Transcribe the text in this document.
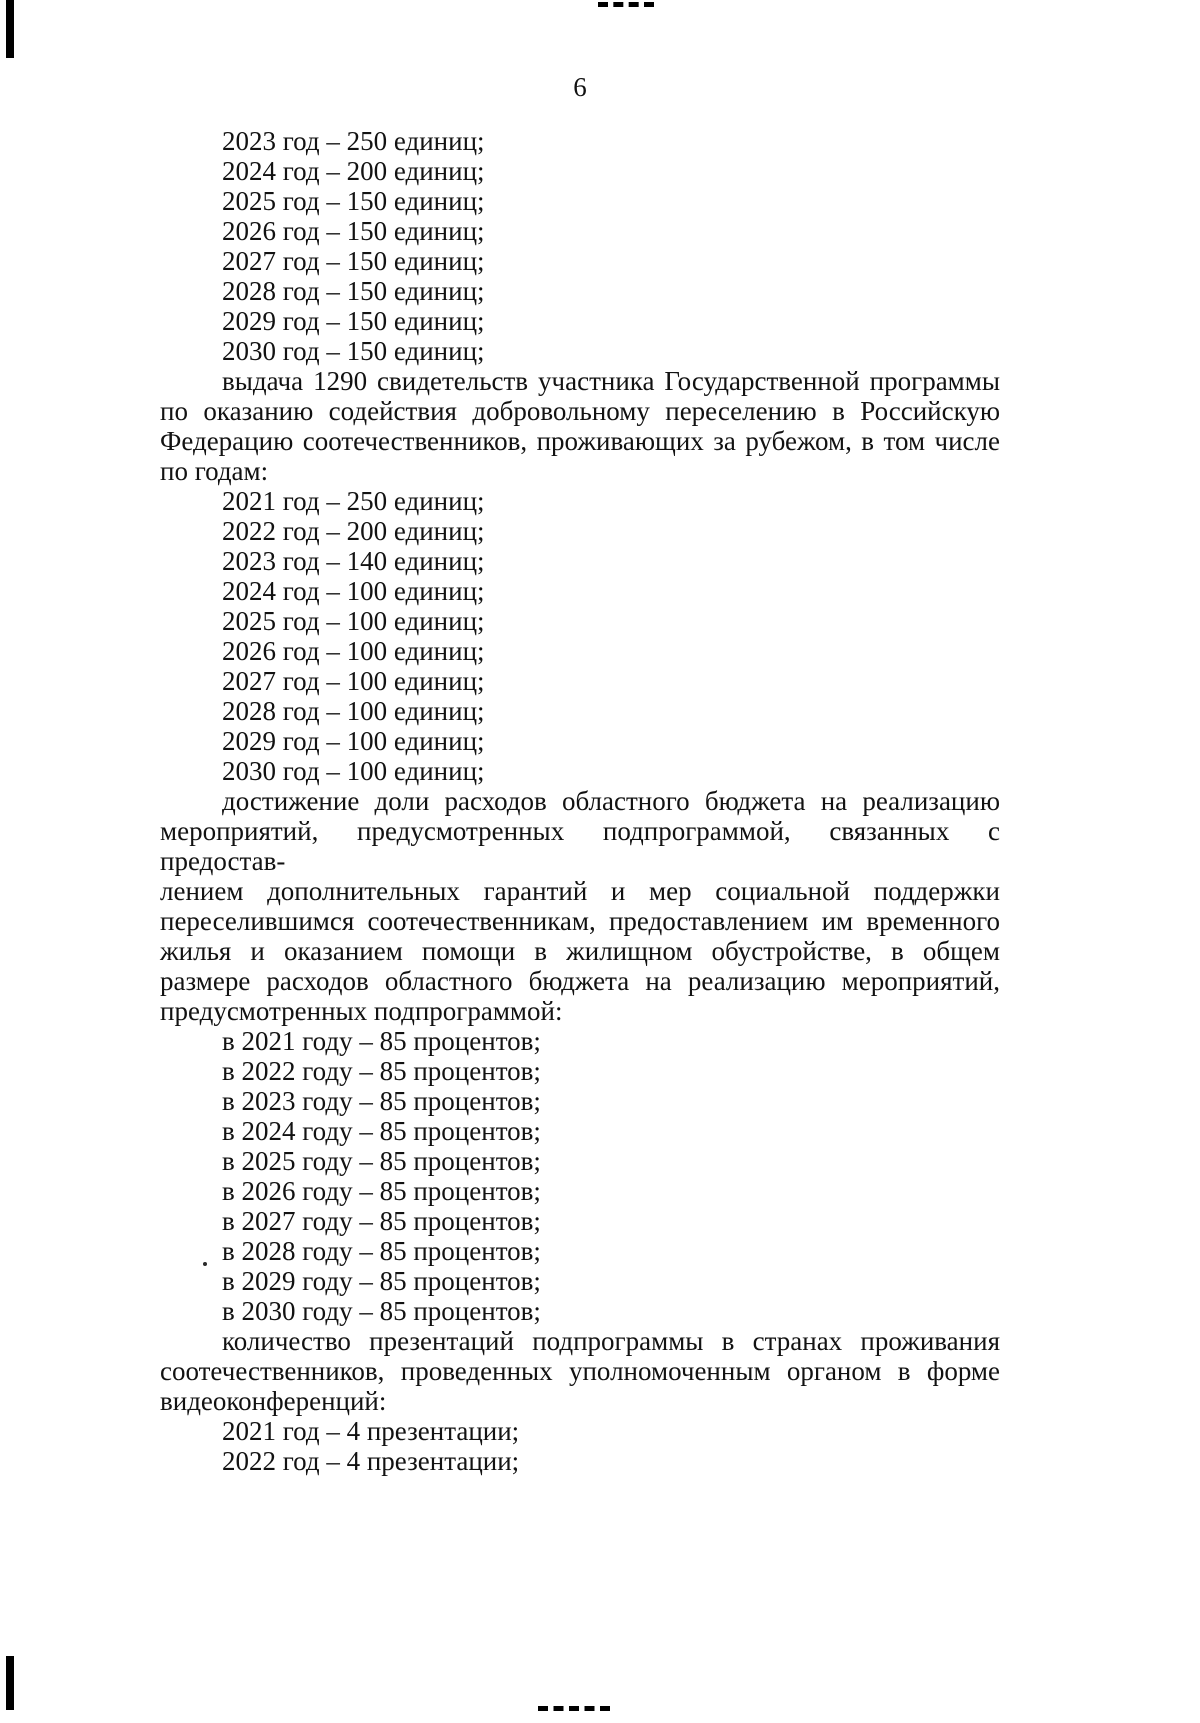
6
2023 год – 250 единиц;
2024 год – 200 единиц;
2025 год – 150 единиц;
2026 год – 150 единиц;
2027 год – 150 единиц;
2028 год – 150 единиц;
2029 год – 150 единиц;
2030 год – 150 единиц;
выдача 1290 свидетельств участника Государственной программы
по оказанию содействия добровольному переселению в Российскую
Федерацию соотечественников, проживающих за рубежом, в том числе
по годам:
2021 год – 250 единиц;
2022 год – 200 единиц;
2023 год – 140 единиц;
2024 год – 100 единиц;
2025 год – 100 единиц;
2026 год – 100 единиц;
2027 год – 100 единиц;
2028 год – 100 единиц;
2029 год – 100 единиц;
2030 год – 100 единиц;
достижение доли расходов областного бюджета на реализацию
мероприятий, предусмотренных подпрограммой, связанных с предостав-
лением дополнительных гарантий и мер социальной поддержки
переселившимся соотечественникам, предоставлением им временного
жилья и оказанием помощи в жилищном обустройстве, в общем
размере расходов областного бюджета на реализацию мероприятий,
предусмотренных подпрограммой:
в 2021 году – 85 процентов;
в 2022 году – 85 процентов;
в 2023 году – 85 процентов;
в 2024 году – 85 процентов;
в 2025 году – 85 процентов;
в 2026 году – 85 процентов;
в 2027 году – 85 процентов;
в 2028 году – 85 процентов;
в 2029 году – 85 процентов;
в 2030 году – 85 процентов;
количество презентаций подпрограммы в странах проживания
соотечественников, проведенных уполномоченным органом в форме
видеоконференций:
2021 год – 4 презентации;
2022 год – 4 презентации;
